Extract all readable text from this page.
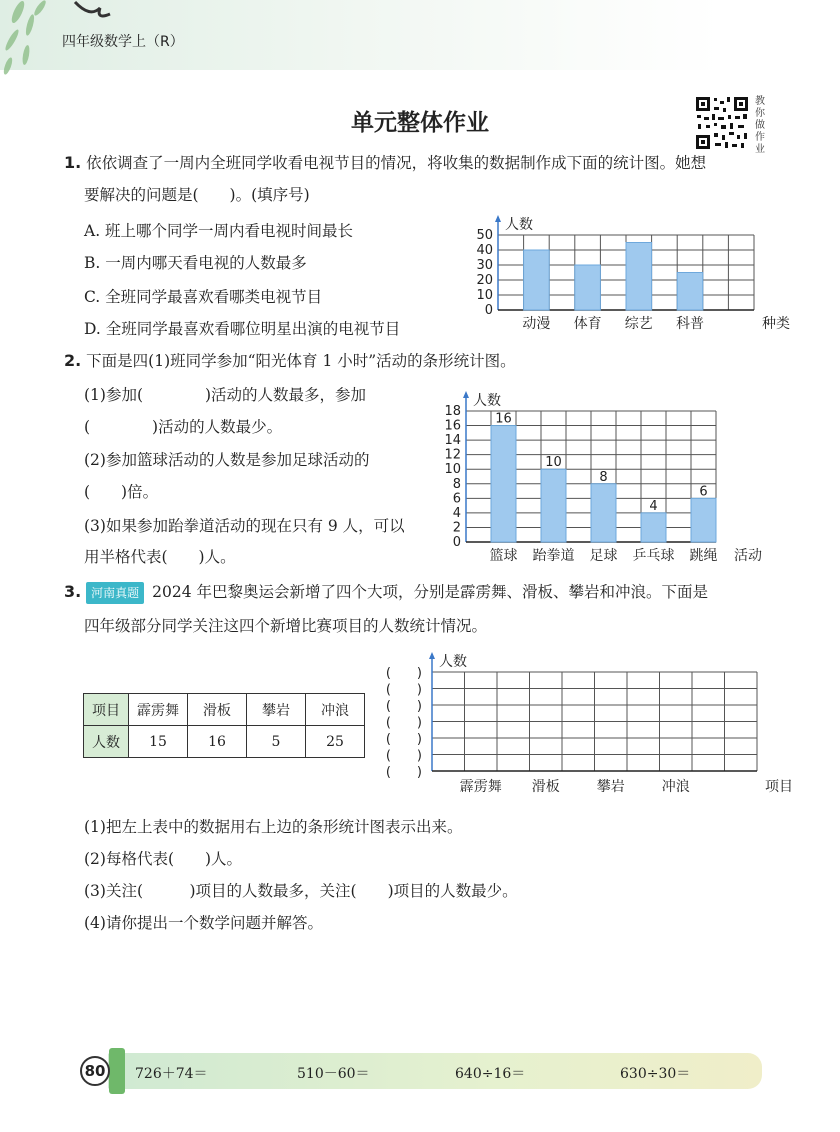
四年级数学上（R）
单元整体作业
教
你
做
作
业
1. 依依调查了一周内全班同学收看电视节目的情况，将收集的数据制作成下面的统计图。她想
要解决的问题是(　　)。(填序号)
A. 班上哪个同学一周内看电视时间最长
B. 一周内哪天看电视的人数最多
C. 全班同学最喜欢看哪类电视节目
D. 全班同学最喜欢看哪位明星出演的电视节目
0
10
20
30
40
50
人数
动漫 体育 综艺 科普	种类
2. 下面是四(1)班同学参加“阳光体育 1 小时”活动的条形统计图。
(1)参加(　　　　)活动的人数最多，参加
(　　　　)活动的人数最少。
(2)参加篮球活动的人数是参加足球活动的
(　　)倍。
(3)如果参加跆拳道活动的现在只有 9 人，可以
用半格代表(　　)人。
0
2
4
6
8
10
12
14
16
18
人数
16
篮球
10
跆拳道
8
足球
4
乒乓球
6
跳绳 活动
3. 河南真题 2024 年巴黎奥运会新增了四个大项，分别是霹雳舞、滑板、攀岩和冲浪。下面是
四年级部分同学关注这四个新增比赛项目的人数统计情况。
项目	霹雳舞	滑板	攀岩	冲浪
人数	15	16	5	25
(　　)
(　　)
(　　)
(　　)
(　　)
(　　)
(　　)
人数
霹雳舞 滑板	攀岩	冲浪	项目
(1)把左上表中的数据用右上边的条形统计图表示出来。
(2)每格代表(　　)人。
(3)关注(　　　)项目的人数最多，关注(　　)项目的人数最少。
(4)请你提出一个数学问题并解答。
80	726＋74＝	510－60＝	640÷16＝	630÷30＝
